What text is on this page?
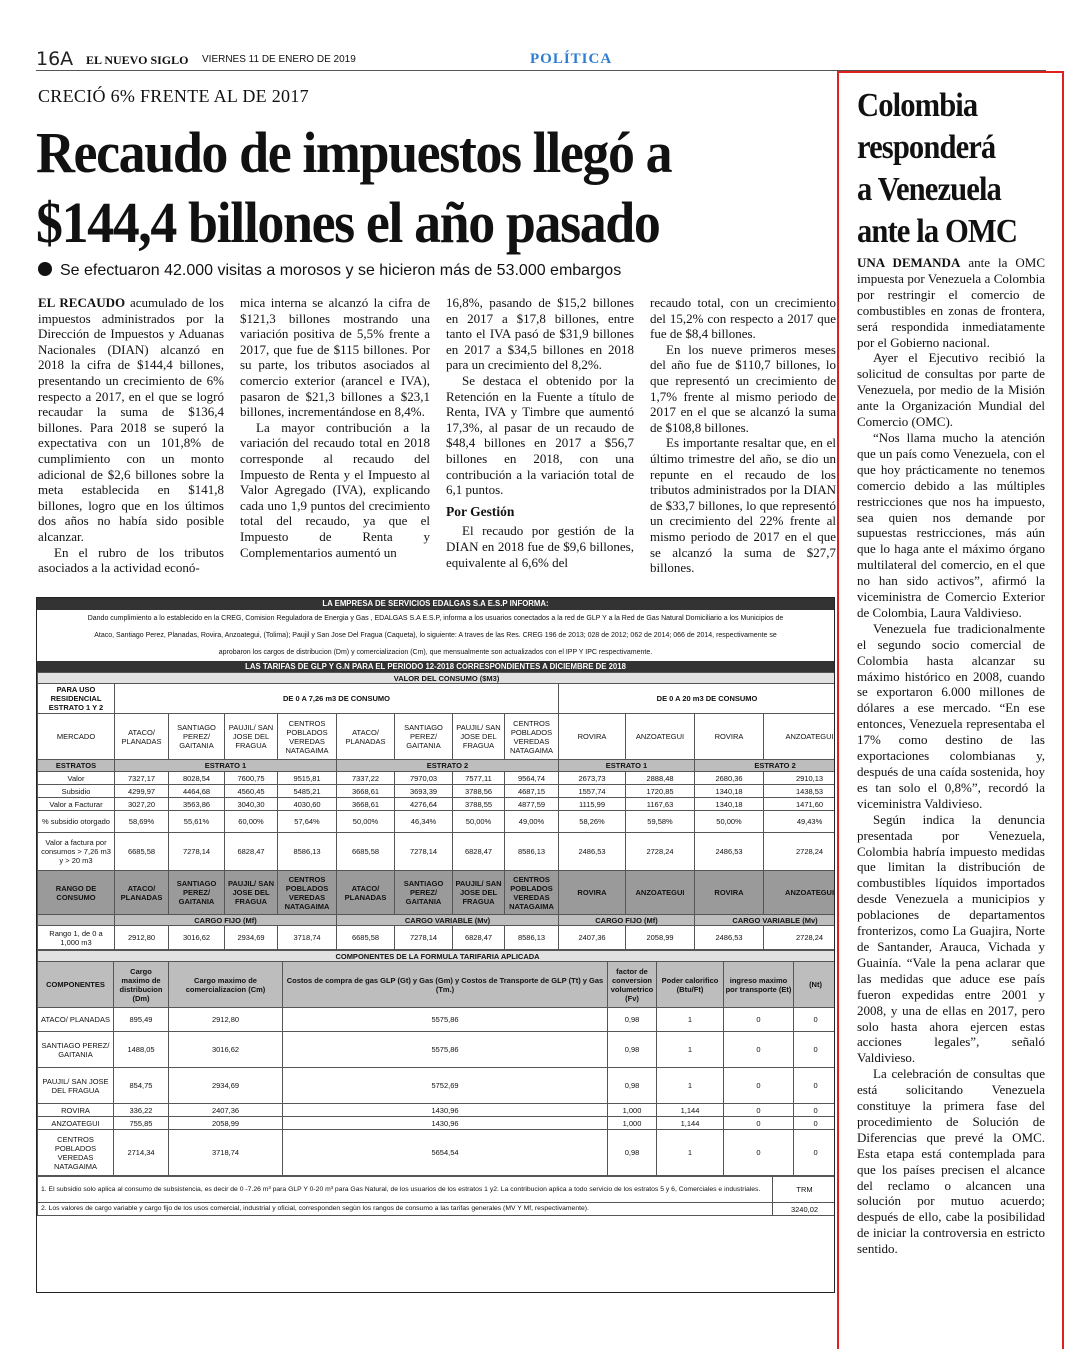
16A EL NUEVO SIGLO VIERNES 11 DE ENERO DE 2019	POLÍTICA
CRECIÓ 6% FRENTE AL DE 2017
Recaudo de impuestos llegó a
$144,4 billones el año pasado
Se efectuaron 42.000 visitas a morosos y se hicieron más de 53.000 embargos

EL RECAUDO acumulado de los impuestos administrados por la Dirección de Impuestos y Aduanas Nacionales (DIAN) alcanzó en 2018 la cifra de $144,4 billones, presentando un crecimiento de 6% respecto a 2017, en el que se logró recaudar la suma de $136,4 billones. Para 2018 se superó la expectativa con un 101,8% de cumplimiento con un monto adicional de $2,6 billones sobre la meta establecida en $141,8 billones, logro que en los últimos dos años no había sido posible alcanzar.

En el rubro de los tributos asociados a la actividad econó-

mica interna se alcanzó la cifra de $121,3 billones mostrando una variación positiva de 5,5% frente a 2017, que fue de $115 billones. Por su parte, los tributos asociados al comercio exterior (arancel e IVA), pasaron de $21,3 billones a $23,1 billones, incrementándose en 8,4%.

La mayor contribución a la variación del recaudo total en 2018 corresponde al recaudo del Impuesto de Renta y el Impuesto al Valor Agregado (IVA), explicando cada uno 1,9 puntos del crecimiento total del recaudo, ya que el Impuesto de Renta y Complementarios aumentó un

16,8%, pasando de $15,2 billones en 2017 a $17,8 billones, entre tanto el IVA pasó de $31,9 billones en 2017 a $34,5 billones en 2018 para un crecimiento del 8,2%.

Se destaca el obtenido por la Retención en la Fuente a título de Renta, IVA y Timbre que aumentó 17,3%, al pasar de un recaudo de $48,4 billones en 2017 a $56,7 billones en 2018, con una contribución a la variación total de 6,1 puntos.

Por Gestión

El recaudo por gestión de la DIAN en 2018 fue de $9,6 billones, equivalente al 6,6% del

recaudo total, con un crecimiento del 15,2% con respecto a 2017 que fue de $8,4 billones.

En los nueve primeros meses del año fue de $110,7 billones, lo que representó un crecimiento de 1,7% frente al mismo periodo de 2017 en el que se alcanzó la suma de $108,8 billones.

Es importante resaltar que, en el último trimestre del año, se dio un repunte en el recaudo de los tributos administrados por la DIAN de $33,7 billones, lo que representó un crecimiento del 22% frente al mismo periodo de 2017 en el que se alcanzó la suma de $27,7 billones.

LA EMPRESA DE SERVICIOS EDALGAS S.A E.S.P INFORMA:
Dando cumplimiento a lo establecido en la CREG, Comision Reguladora de Energia y Gas , EDALGAS S.A E.S.P, informa a los usuarios conectados a la red de GLP Y a la Red de Gas Natural Domiciliario a los Municipios de
Ataco, Santiago Perez, Planadas, Rovira, Anzoategui, (Tolima); Paujil y San Jose Del Fragua (Caqueta), lo siguiente: A traves de las Res. CREG 196 de 2013; 028 de 2012; 062 de 2014; 066 de 2014, respectivamente se
aprobaron los cargos de distribucion (Dm) y comercializacion (Cm), que mensualmente son actualizados con el IPP Y IPC respectivamente.
LAS TARIFAS DE GLP Y G.N PARA EL PERIODO 12-2018 CORRESPONDIENTES A DICIEMBRE DE 2018
VALOR DEL CONSUMO ($M3)												
PARA USO RESIDENCIAL ESTRATO 1 Y 2	DE 0 A 7,26 m3 DE CONSUMO								DE 0 A 20 m3 DE CONSUMO			
MERCADO	ATACO/ PLANADAS	SANTIAGO PEREZ/ GAITANIA	PAUJIL/ SAN JOSE DEL FRAGUA	CENTROS POBLADOS VEREDAS NATAGAIMA	ATACO/ PLANADAS	SANTIAGO PEREZ/ GAITANIA	PAUJIL/ SAN JOSE DEL FRAGUA	CENTROS POBLADOS VEREDAS NATAGAIMA	ROVIRA	ANZOATEGUI	ROVIRA	ANZOATEGUI
ESTRATOS	ESTRATO 1				ESTRATO 2				ESTRATO 1		ESTRATO 2	
Valor	7327,17	8028,54	7600,75	9515,81	7337,22	7970,03	7577,11	9564,74	2673,73	2888,48	2680,36	2910,13
Subsidio	4299,97	4464,68	4560,45	5485,21	3668,61	3693,39	3788,56	4687,15	1557,74	1720,85	1340,18	1438,53
Valor a Facturar	3027,20	3563,86	3040,30	4030,60	3668,61	4276,64	3788,55	4877,59	1115,99	1167,63	1340,18	1471,60
% subsidio otorgado	58,69%	55,61%	60,00%	57,64%	50,00%	46,34%	50,00%	49,00%	58,26%	59,58%	50,00%	49,43%
Valor a factura por consumos > 7,26 m3 y > 20 m3	6685,58	7278,14	6828,47	8586,13	6685,58	7278,14	6828,47	8586,13	2486,53	2728,24	2486,53	2728,24
RANGO DE CONSUMO	ATACO/ PLANADAS	SANTIAGO PEREZ/ GAITANIA	PAUJIL/ SAN JOSE DEL FRAGUA	CENTROS POBLADOS VEREDAS NATAGAIMA	ATACO/ PLANADAS	SANTIAGO PEREZ/ GAITANIA	PAUJIL/ SAN JOSE DEL FRAGUA	CENTROS POBLADOS VEREDAS NATAGAIMA	ROVIRA	ANZOATEGUI	ROVIRA	ANZOATEGUI
	CARGO FIJO (Mf)				CARGO VARIABLE (Mv)				CARGO FIJO (Mf)		CARGO VARIABLE (Mv)	
Rango 1, de 0 a 1,000 m3	2912,80	3016,62	2934,69	3718,74	6685,58	7278,14	6828,47	8586,13	2407,36	2058,99	2486,53	2728,24
COMPONENTES DE LA FORMULA TARIFARIA APLICADA							
COMPONENTES	Cargo maximo de distribucion (Dm)	Cargo maximo de comercializacion (Cm)	Costos de compra de gas GLP (Gt) y Gas (Gm) y Costos de Transporte de GLP (Tt) y Gas (Tm.)	factor de conversion volumetrico (Fv)	Poder calorifico (Btu/Ft)	ingreso maximo por transporte (Et)	(Nt)
ATACO/ PLANADAS	895,49	2912,80	5575,86	0,98	1	0	0
SANTIAGO PEREZ/ GAITANIA	1488,05	3016,62	5575,86	0,98	1	0	0
PAUJIL/ SAN JOSE DEL FRAGUA	854,75	2934,69	5752,69	0,98	1	0	0
ROVIRA	336,22	2407,36	1430,96	1,000	1,144	0	0
ANZOATEGUI	755,85	2058,99	1430,96	1,000	1,144	0	0
CENTROS POBLADOS VEREDAS NATAGAIMA	2714,34	3718,74	5654,54	0,98	1	0	0
1. El subsidio solo aplica al consumo de subsistencia, es decir de 0 -7.26 m³ para GLP Y 0-20 m³ para Gas Natural, de los usuarios de los estratos 1 y2. La contribucion aplica a todo servicio de los estratos 5 y 6, Comerciales e industriales.	TRM
2. Los valores de cargo variable y cargo fijo de los usos comercial, industrial y oficial, corresponden segùn los rangos de consumo a las tarifas generales (MV Y Mf, respectivamente).	3240,02
Colombia
responderá
a Venezuela
ante la OMC

UNA DEMANDA ante la OMC impuesta por Venezuela a Colombia por restringir el comercio de combustibles en zonas de frontera, será respondida inmediatamente por el Gobierno nacional.

Ayer el Ejecutivo recibió la solicitud de consultas por parte de Venezuela, por medio de la Misión ante la Organización Mundial del Comercio (OMC).

“Nos llama mucho la atención que un país como Venezuela, con el que hoy prácticamente no tenemos comercio debido a las múltiples restricciones que nos ha impuesto, sea quien nos demande por supuestas restricciones, más aún que lo haga ante el máximo órgano multilateral del comercio, en el que no han sido activos”, afirmó la viceministra de Comercio Exterior de Colombia, Laura Valdivieso.

Venezuela fue tradicionalmente el segundo socio comercial de Colombia hasta alcanzar su máximo histórico en 2008, cuando se exportaron 6.000 millones de dólares a ese mercado. “En ese entonces, Venezuela representaba el 17% como destino de las exportaciones colombianas y, después de una caída sostenida, hoy es tan solo el 0,8%”, recordó la viceministra Valdivieso.

Según indica la denuncia presentada por Venezuela, Colombia habría impuesto medidas que limitan la distribución de combustibles líquidos importados desde Venezuela a municipios y poblaciones de departamentos fronterizos, como La Guajira, Norte de Santander, Arauca, Vichada y Guainía. “Vale la pena aclarar que las medidas que aduce ese país fueron expedidas entre 2001 y 2008, y una de ellas en 2017, pero solo hasta ahora ejercen estas acciones legales”, señaló Valdivieso.

La celebración de consultas que está solicitando Venezuela constituye la primera fase del procedimiento de Solución de Diferencias que prevé la OMC. Esta etapa está contemplada para que los países precisen el alcance del reclamo o alcancen una solución por mutuo acuerdo; después de ello, cabe la posibilidad de iniciar la controversia en estricto sentido.
